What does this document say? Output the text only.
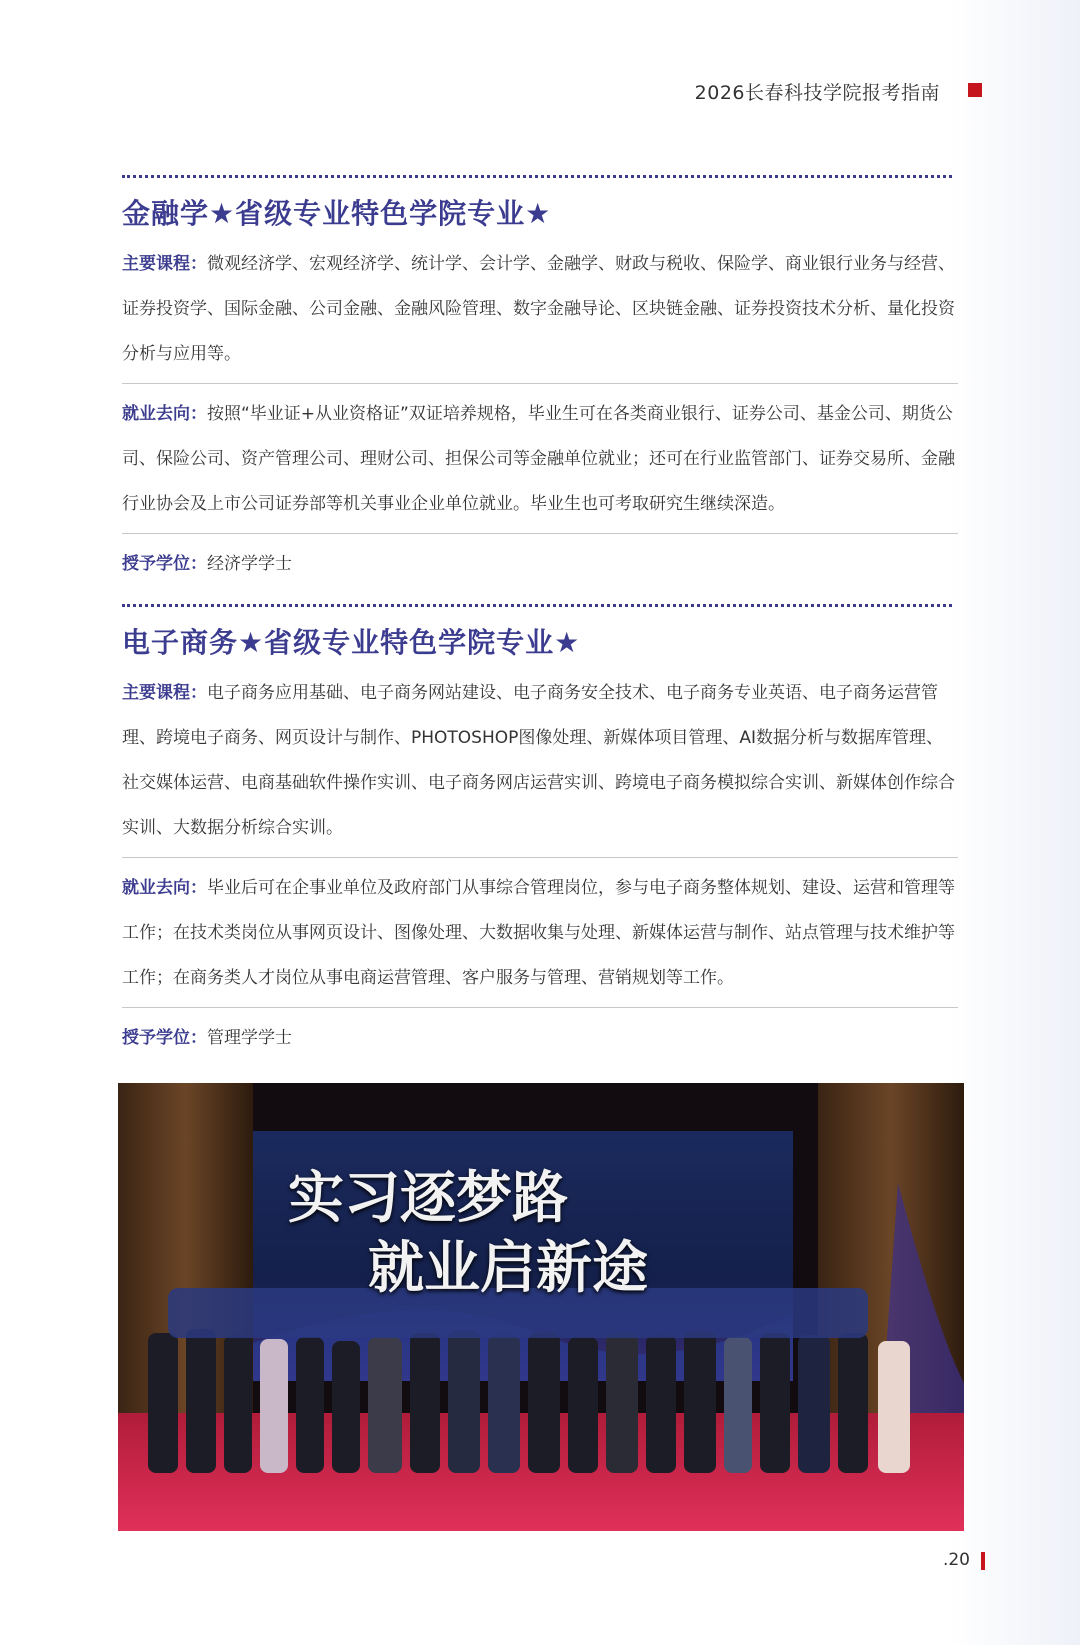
2026长春科技学院报考指南
金融学★省级专业特色学院专业★
主要课程：微观经济学、宏观经济学、统计学、会计学、金融学、财政与税收、保险学、商业银行业务与经营、证券投资学、国际金融、公司金融、金融风险管理、数字金融导论、区块链金融、证券投资技术分析、量化投资分析与应用等。
就业去向：按照“毕业证+从业资格证”双证培养规格，毕业生可在各类商业银行、证券公司、基金公司、期货公司、保险公司、资产管理公司、理财公司、担保公司等金融单位就业；还可在行业监管部门、证券交易所、金融行业协会及上市公司证券部等机关事业企业单位就业。毕业生也可考取研究生继续深造。
授予学位：经济学学士
电子商务★省级专业特色学院专业★
主要课程：电子商务应用基础、电子商务网站建设、电子商务安全技术、电子商务专业英语、电子商务运营管理、跨境电子商务、网页设计与制作、PHOTOSHOP图像处理、新媒体项目管理、AI数据分析与数据库管理、社交媒体运营、电商基础软件操作实训、电子商务网店运营实训、跨境电子商务模拟综合实训、新媒体创作综合实训、大数据分析综合实训。
就业去向：毕业后可在企事业单位及政府部门从事综合管理岗位，参与电子商务整体规划、建设、运营和管理等工作；在技术类岗位从事网页设计、图像处理、大数据收集与处理、新媒体运营与制作、站点管理与技术维护等工作；在商务类人才岗位从事电商运营管理、客户服务与管理、营销规划等工作。
授予学位：管理学学士
实习逐梦路
就业启新途
.20
